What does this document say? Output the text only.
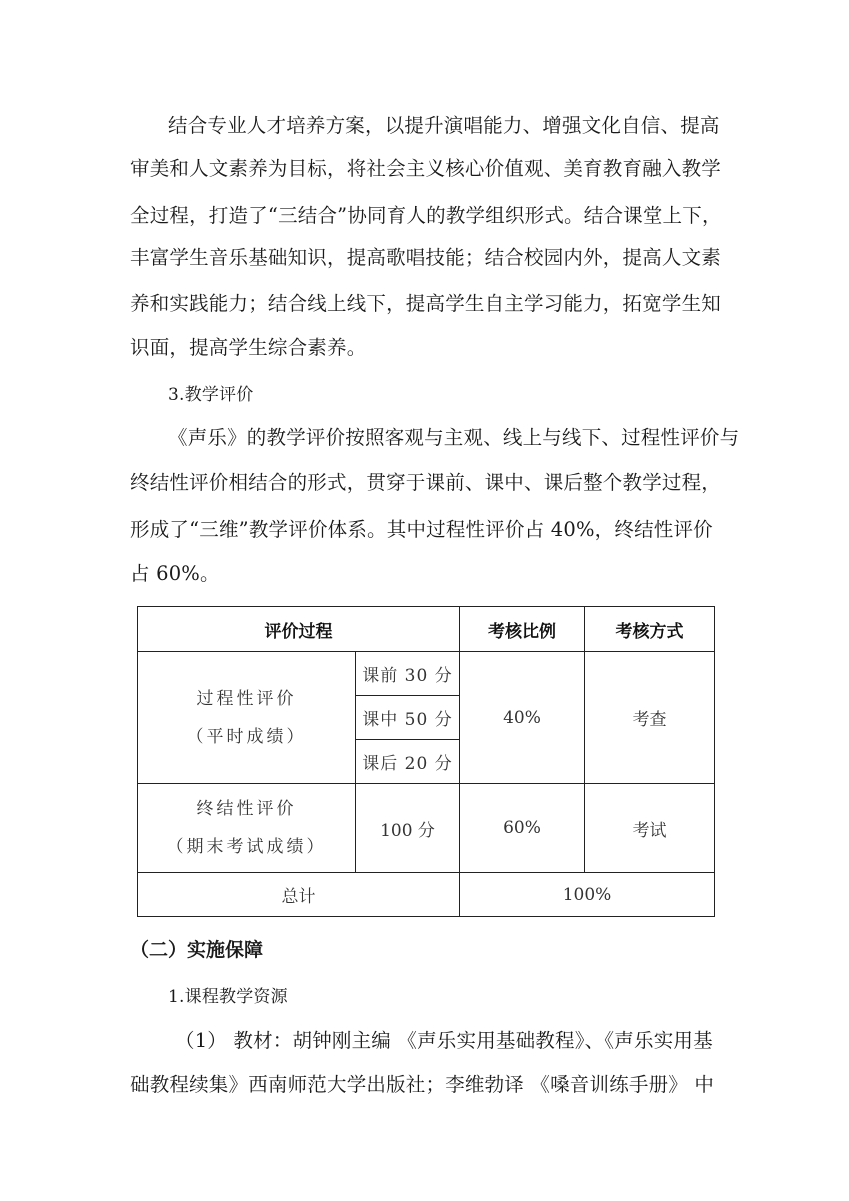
结合专业人才培养方案，以提升演唱能力、增强文化自信、提高
审美和人文素养为目标，将社会主义核心价值观、美育教育融入教学
全过程，打造了“三结合”协同育人的教学组织形式。结合课堂上下，
丰富学生音乐基础知识，提高歌唱技能；结合校园内外，提高人文素
养和实践能力；结合线上线下，提高学生自主学习能力，拓宽学生知
识面，提高学生综合素养。
3.教学评价
《声乐》的教学评价按照客观与主观、线上与线下、过程性评价与
终结性评价相结合的形式，贯穿于课前、课中、课后整个教学过程，
形成了“三维”教学评价体系。其中过程性评价占 40%，终结性评价
占 60%。
评价过程		考核比例	考核方式

过程性评价
（平时成绩）	课前 30 分	40%	考查
	课中 50 分		
	课后 20 分		

终结性评价
（期末考试成绩）	100 分	60%	考试
总计		100%	
（二）实施保障
1.课程教学资源
（1） 教材：胡钟刚主编 《声乐实用基础教程》、《声乐实用基
础教程续集》西南师范大学出版社；李维勃译 《嗓音训练手册》 中
